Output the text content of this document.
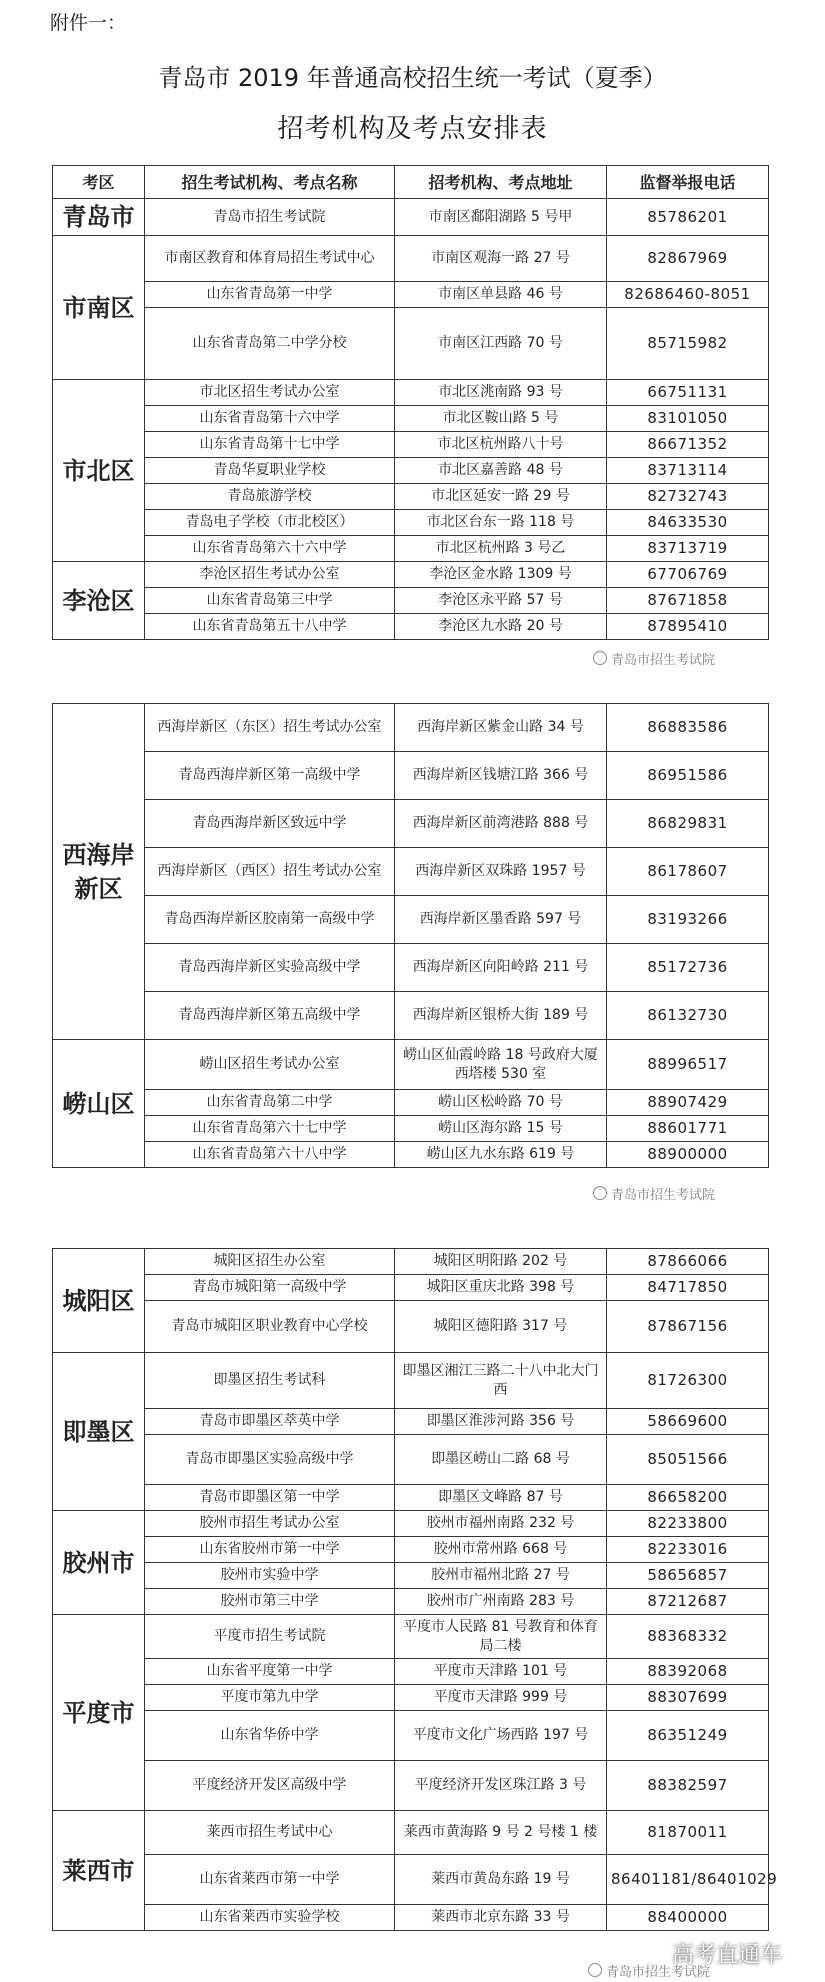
附件一：
青岛市 2019 年普通高校招生统一考试（夏季）
招考机构及考点安排表
考区	招生考试机构、考点名称	招考机构、考点地址	监督举报电话
青岛市	青岛市招生考试院	市南区鄱阳湖路 5 号甲	85786201
市南区	市南区教育和体育局招生考试中心	市南区观海一路 27 号	82867969
	山东省青岛第一中学	市南区单县路 46 号	82686460-8051
	山东省青岛第二中学分校	市南区江西路 70 号	85715982
市北区	市北区招生考试办公室	市北区洮南路 93 号	66751131
	山东省青岛第十六中学	市北区鞍山路 5 号	83101050
	山东省青岛第十七中学	市北区杭州路八十号	86671352
	青岛华夏职业学校	市北区嘉善路 48 号	83713114
	青岛旅游学校	市北区延安一路 29 号	82732743
	青岛电子学校（市北校区）	市北区台东一路 118 号	84633530
	山东省青岛第六十六中学	市北区杭州路 3 号乙	83713719
李沧区	李沧区招生考试办公室	李沧区金水路 1309 号	67706769
	山东省青岛第三中学	李沧区永平路 57 号	87671858
	山东省青岛第五十八中学	李沧区九水路 20 号	87895410
西海岸新区	西海岸新区（东区）招生考试办公室	西海岸新区紫金山路 34 号	86883586
	青岛西海岸新区第一高级中学	西海岸新区钱塘江路 366 号	86951586
	青岛西海岸新区致远中学	西海岸新区前湾港路 888 号	86829831
	西海岸新区（西区）招生考试办公室	西海岸新区双珠路 1957 号	86178607
	青岛西海岸新区胶南第一高级中学	西海岸新区墨香路 597 号	83193266
	青岛西海岸新区实验高级中学	西海岸新区向阳岭路 211 号	85172736
	青岛西海岸新区第五高级中学	西海岸新区银桥大街 189 号	86132730
崂山区	崂山区招生考试办公室	崂山区仙霞岭路 18 号政府大厦西塔楼 530 室	88996517
	山东省青岛第二中学	崂山区松岭路 70 号	88907429
	山东省青岛第六十七中学	崂山区海尔路 15 号	88601771
	山东省青岛第六十八中学	崂山区九水东路 619 号	88900000
城阳区	城阳区招生办公室	城阳区明阳路 202 号	87866066
	青岛市城阳第一高级中学	城阳区重庆北路 398 号	84717850
	青岛市城阳区职业教育中心学校	城阳区德阳路 317 号	87867156
即墨区	即墨区招生考试科	即墨区湘江三路二十八中北大门西	81726300
	青岛市即墨区萃英中学	即墨区淮涉河路 356 号	58669600
	青岛市即墨区实验高级中学	即墨区崂山二路 68 号	85051566
	青岛市即墨区第一中学	即墨区文峰路 87 号	86658200
胶州市	胶州市招生考试办公室	胶州市福州南路 232 号	82233800
	山东省胶州市第一中学	胶州市常州路 668 号	82233016
	胶州市实验中学	胶州市福州北路 27 号	58656857
	胶州市第三中学	胶州市广州南路 283 号	87212687
平度市	平度市招生考试院	平度市人民路 81 号教育和体育局二楼	88368332
	山东省平度第一中学	平度市天津路 101 号	88392068
	平度市第九中学	平度市天津路 999 号	88307699
	山东省华侨中学	平度市文化广场西路 197 号	86351249
	平度经济开发区高级中学	平度经济开发区珠江路 3 号	88382597
莱西市	莱西市招生考试中心	莱西市黄海路 9 号 2 号楼 1 楼	81870011
	山东省莱西市第一中学	莱西市黄岛东路 19 号	86401181/86401029
	山东省莱西市实验学校	莱西市北京东路 33 号	88400000
青岛市招生考试院
青岛市招生考试院
青岛市招生考试院
高考直通车
